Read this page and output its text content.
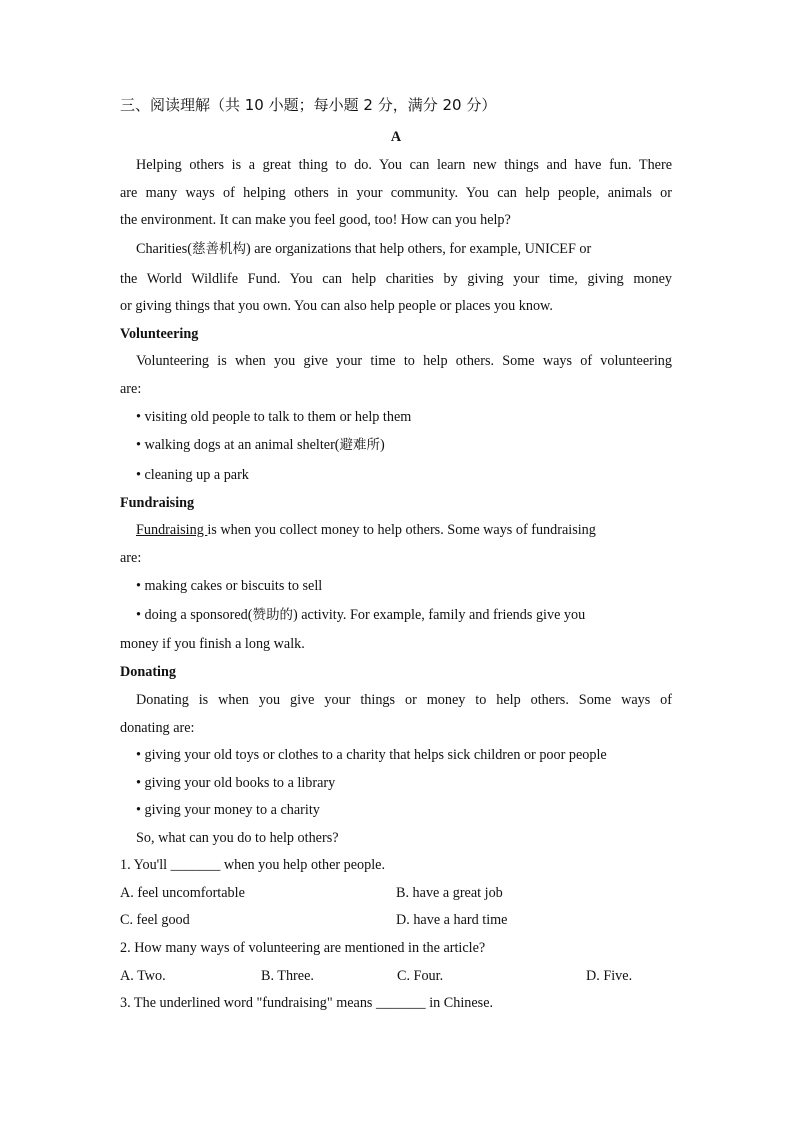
三、阅读理解（共 10 小题；每小题 2 分，满分 20 分）
A
Helping others is a great thing to do. You can learn new things and have fun. There
are many ways of helping others in your community. You can help people, animals or
the environment. It can make you feel good, too! How can you help?
Charities(慈善机构) are organizations that help others, for example, UNICEF or
the World Wildlife Fund. You can help charities by giving your time, giving money
or giving things that you own. You can also help people or places you know.
Volunteering
Volunteering is when you give your time to help others. Some ways of volunteering
are:
• visiting old people to talk to them or help them
• walking dogs at an animal shelter(避难所)
• cleaning up a park
Fundraising
Fundraising is when you collect money to help others. Some ways of fundraising
are:
• making cakes or biscuits to sell
• doing a sponsored(赞助的) activity. For example, family and friends give you
money if you finish a long walk.
Donating
Donating is when you give your things or money to help others. Some ways of
donating are:
• giving your old toys or clothes to a charity that helps sick children or poor people
• giving your old books to a library
• giving your money to a charity
So, what can you do to help others?
1. You'll _______ when you help other people.
A. feel uncomfortable	B. have a great job
C. feel good	D. have a hard time
2. How many ways of volunteering are mentioned in the article?
A. Two.	B. Three.	C. Four.	D. Five.
3. The underlined word "fundraising" means _______ in Chinese.
